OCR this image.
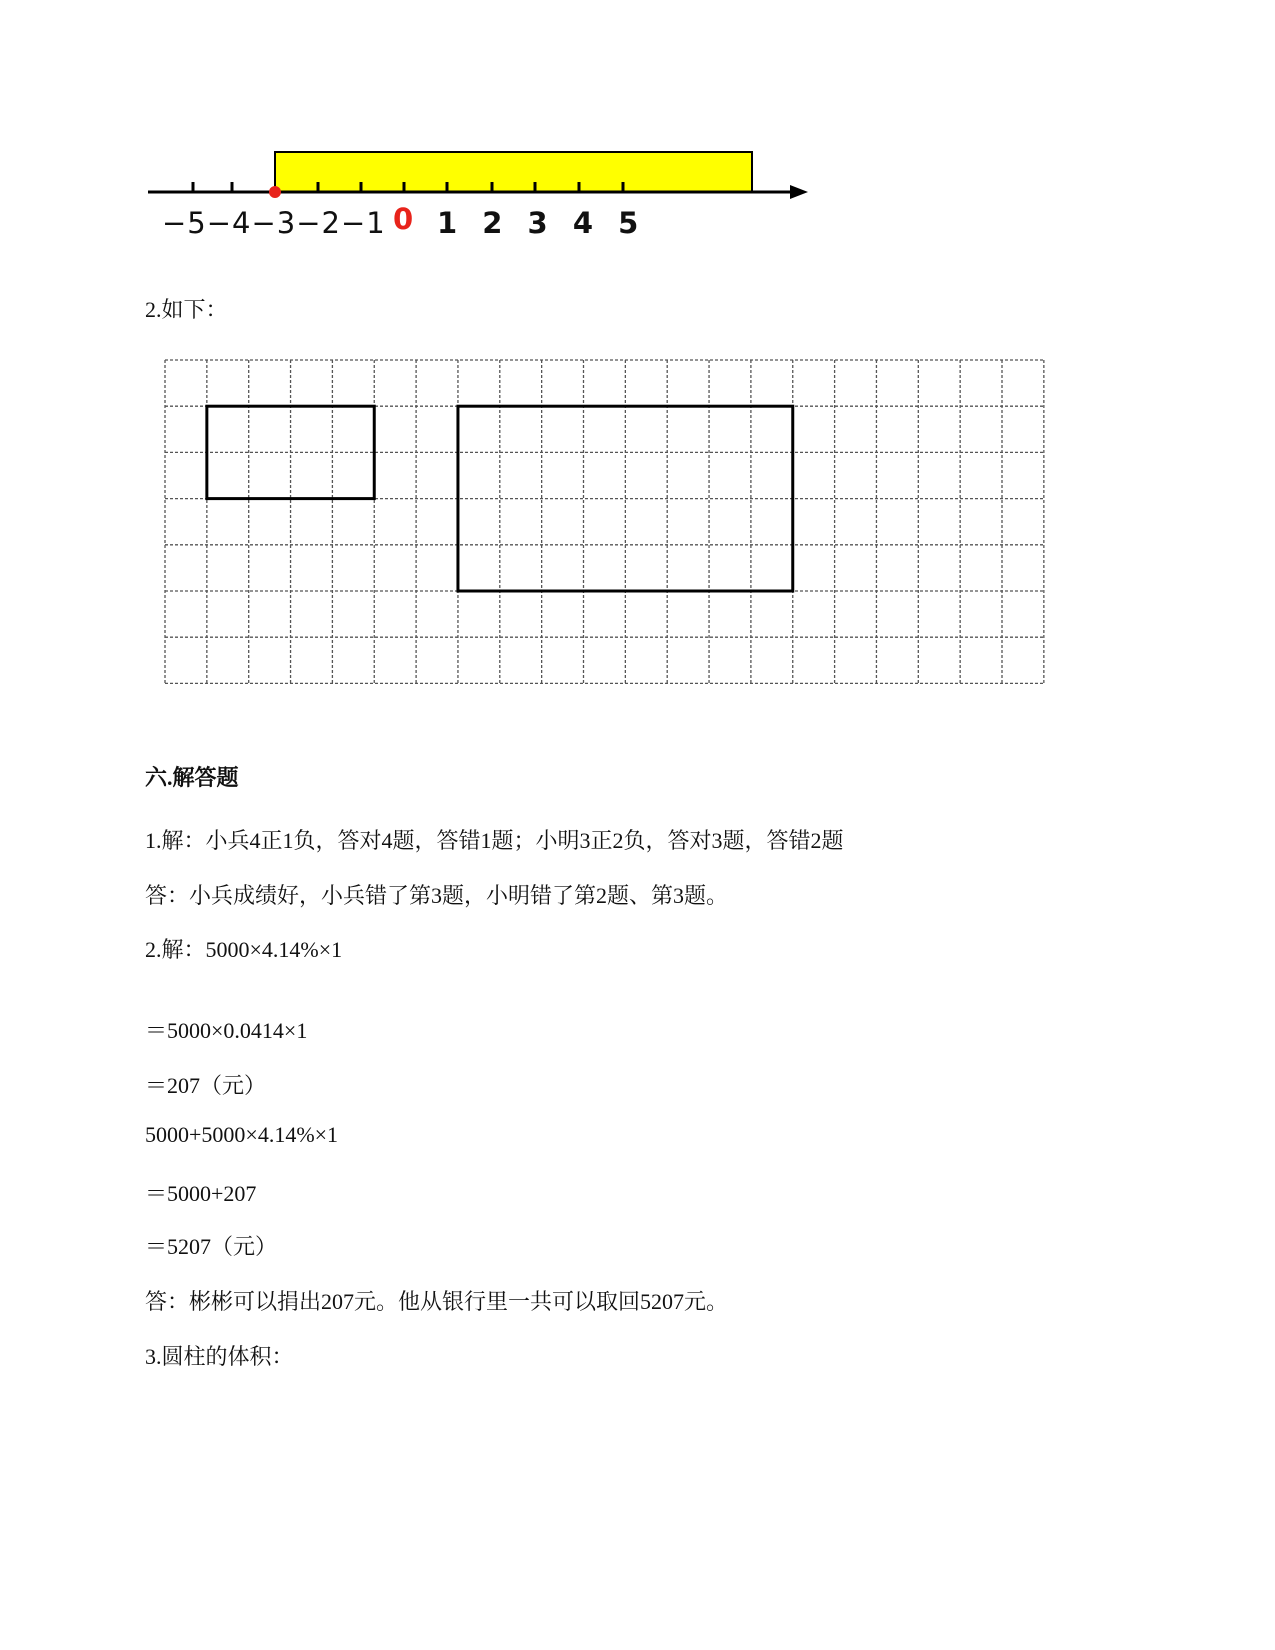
−5−4−3−2−1 0 1 2 3 4 5
2.如下：
六.解答题
1.解：小兵4正1负，答对4题，答错1题；小明3正2负，答对3题，答错2题
答：小兵成绩好，小兵错了第3题，小明错了第2题、第3题。
2.解：5000×4.14%×1
＝5000×0.0414×1
＝207（元）
5000+5000×4.14%×1
＝5000+207
＝5207（元）
答：彬彬可以捐出207元。他从银行里一共可以取回5207元。
3.圆柱的体积：
